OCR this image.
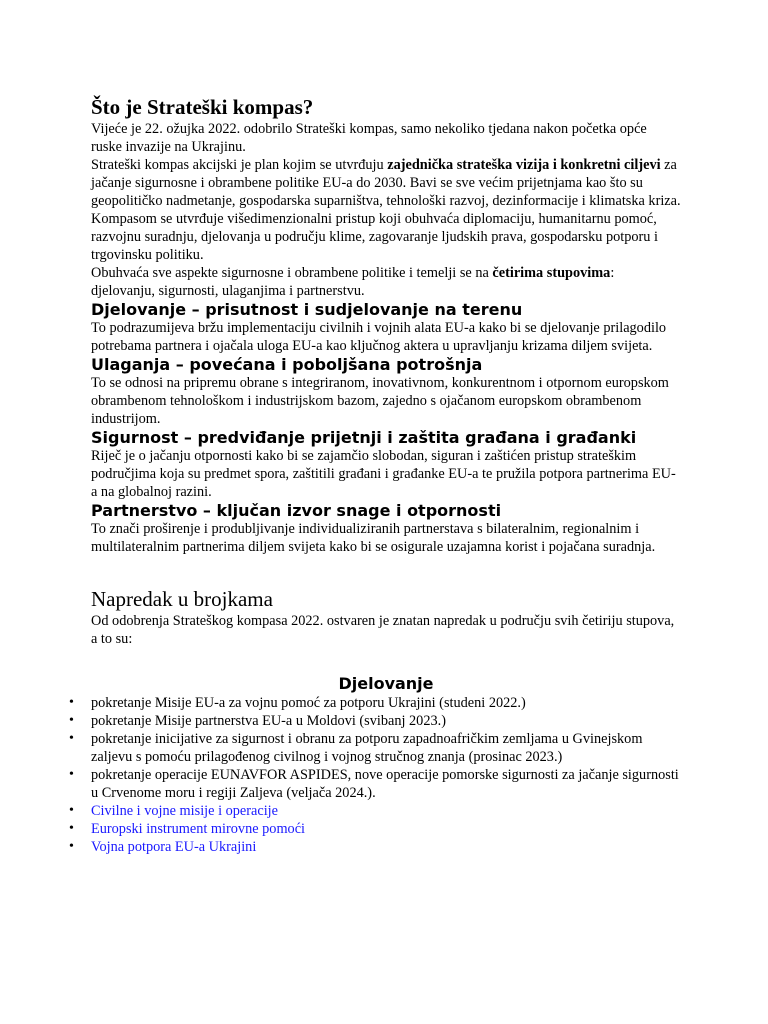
Što je Strateški kompas?

Vijeće je 22. ožujka 2022. odobrilo Strateški kompas, samo nekoliko tjedana nakon početka opće ruske invazije na Ukrajinu.

Strateški kompas akcijski je plan kojim se utvrđuju zajednička strateška vizija i konkretni ciljevi za jačanje sigurnosne i obrambene politike EU-a do 2030. Bavi se sve većim prijetnjama kao što su geopolitičko nadmetanje, gospodarska suparništva, tehnološki razvoj, dezinformacije i klimatska kriza.

Kompasom se utvrđuje višedimenzionalni pristup koji obuhvaća diplomaciju, humanitarnu pomoć, razvojnu suradnju, djelovanja u području klime, zagovaranje ljudskih prava, gospodarsku potporu i trgovinsku politiku.

Obuhvaća sve aspekte sigurnosne i obrambene politike i temelji se na četirima stupovima: djelovanju, sigurnosti, ulaganjima i partnerstvu.

Djelovanje – prisutnost i sudjelovanje na terenu

To podrazumijeva bržu implementaciju civilnih i vojnih alata EU-a kako bi se djelovanje prilagodilo potrebama partnera i ojačala uloga EU-a kao ključnog aktera u upravljanju krizama diljem svijeta.

Ulaganja – povećana i poboljšana potrošnja

To se odnosi na pripremu obrane s integriranom, inovativnom, konkurentnom i otpornom europskom obrambenom tehnološkom i industrijskom bazom, zajedno s ojačanom europskom obrambenom industrijom.

Sigurnost – predviđanje prijetnji i zaštita građana i građanki

Riječ je o jačanju otpornosti kako bi se zajamčio slobodan, siguran i zaštićen pristup strateškim područjima koja su predmet spora, zaštitili građani i građanke EU-a te pružila potpora partnerima EU-a na globalnoj razini.

Partnerstvo – ključan izvor snage i otpornosti

To znači proširenje i produbljivanje individualiziranih partnerstava s bilateralnim, regionalnim i multilateralnim partnerima diljem svijeta kako bi se osigurale uzajamna korist i pojačana suradnja.

Napredak u brojkama

Od odobrenja Strateškog kompasa 2022. ostvaren je znatan napredak u području svih četiriju stupova, a to su:

Djelovanje
• pokretanje Misije EU-a za vojnu pomoć za potporu Ukrajini (studeni 2022.)
• pokretanje Misije partnerstva EU-a u Moldovi (svibanj 2023.)
• pokretanje inicijative za sigurnost i obranu za potporu zapadnoafričkim zemljama u Gvinejskom zaljevu s pomoću prilagođenog civilnog i vojnog stručnog znanja (prosinac 2023.)
• pokretanje operacije EUNAVFOR ASPIDES, nove operacije pomorske sigurnosti za jačanje sigurnosti u Crvenome moru i regiji Zaljeva (veljača 2024.).
• Civilne i vojne misije i operacije
• Europski instrument mirovne pomoći
• Vojna potpora EU-a Ukrajini
